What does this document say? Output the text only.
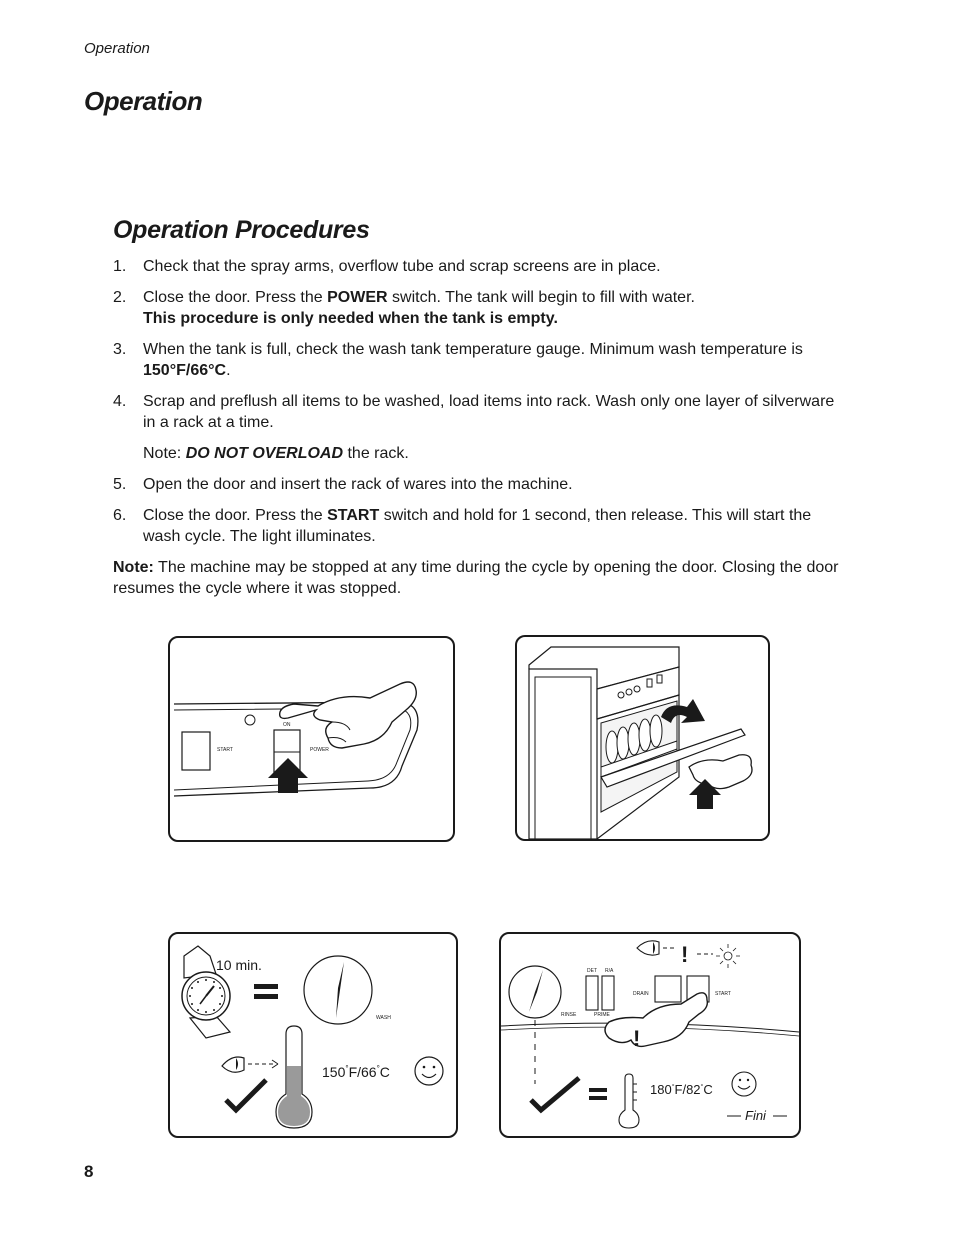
Operation
Operation
Operation Procedures
1.	Check that the spray arms, overflow tube and scrap screens are in place.
2.	Close the door. Press the POWER switch. The tank will begin to fill with water.
This procedure is only needed when the tank is empty.
3.	When the tank is full, check the wash tank temperature gauge. Minimum wash temperature is 150°F/66°C.
4.	Scrap and preflush all items to be washed, load items into rack. Wash only one layer of silverware in a rack at a time.
Note: DO NOT OVERLOAD the rack.
5.	Open the door and insert the rack of wares into the machine.
6.	Close the door. Press the START switch and hold for 1 second, then release. This will start the wash cycle. The light illuminates.
Note: The machine may be stopped at any time during the cycle by opening the door. Closing the door resumes the cycle where it was stopped.
ON
START	POWER
10 min.
WASH
150°F/66°C
DET R/A
RINSE	PRIME
DRAIN	START
!
!
180°F/82°C
Fini
8
